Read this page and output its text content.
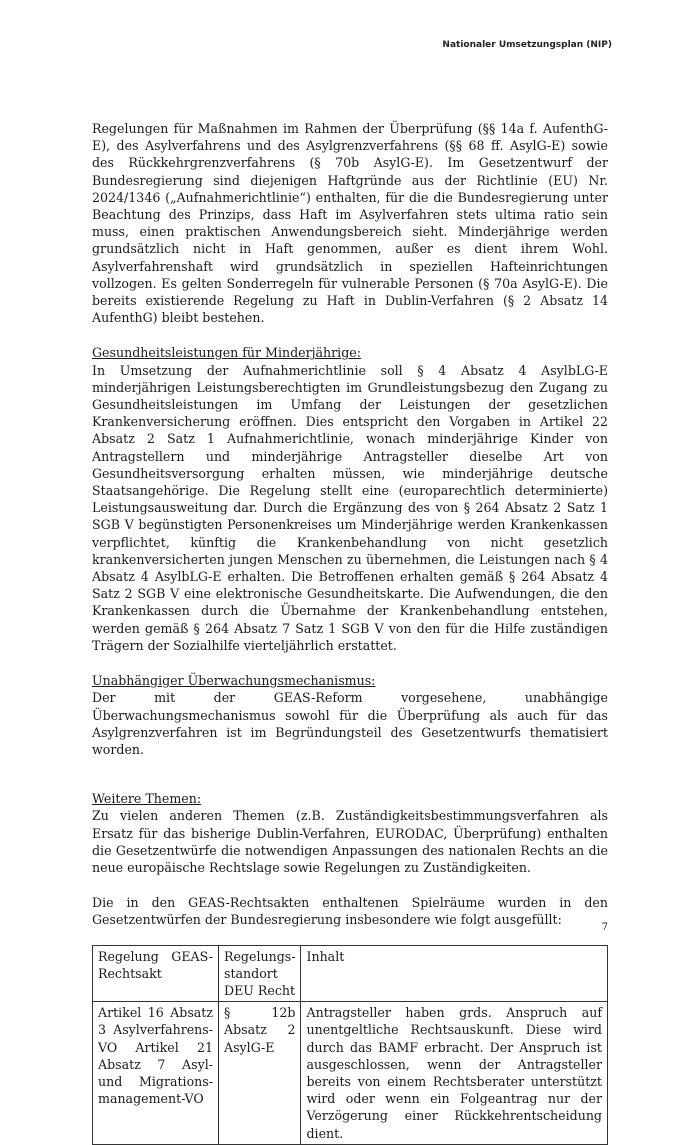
Nationaler Umsetzungsplan (NIP)

Regelungen für Maßnahmen im Rahmen der Überprüfung (§§ 14a f. AufenthG-E), des Asylverfahrens und des Asylgrenzverfahrens (§§ 68 ff. AsylG-E) sowie des Rückkehrgrenzverfahrens (§ 70b AsylG-E). Im Gesetzentwurf der Bundesregierung sind diejenigen Haftgründe aus der Richtlinie (EU) Nr. 2024/1346 („Aufnahmerichtlinie“) enthalten, für die die Bundesregierung unter Beachtung des Prinzips, dass Haft im Asylverfahren stets ultima ratio sein muss, einen praktischen Anwendungsbereich sieht. Minderjährige werden grundsätzlich nicht in Haft genommen, außer es dient ihrem Wohl. Asylverfahrenshaft wird grundsätzlich in speziellen Hafteinrichtungen vollzogen. Es gelten Sonderregeln für vulnerable Personen (§ 70a AsylG-E). Die bereits existierende Regelung zu Haft in Dublin-Verfahren (§ 2 Absatz 14 AufenthG) bleibt bestehen.

Gesundheitsleistungen für Minderjährige:

In Umsetzung der Aufnahmerichtlinie soll § 4 Absatz 4 AsylbLG-E minderjährigen Leistungsberechtigten im Grundleistungsbezug den Zugang zu Gesundheitsleistungen im Umfang der Leistungen der gesetzlichen Krankenversicherung eröffnen. Dies entspricht den Vorgaben in Artikel 22 Absatz 2 Satz 1 Aufnahmerichtlinie, wonach minderjährige Kinder von Antragstellern und minderjährige Antragsteller dieselbe Art von Gesundheitsversorgung erhalten müssen, wie minderjährige deutsche Staatsangehörige. Die Regelung stellt eine (europarechtlich determinierte) Leistungsausweitung dar. Durch die Ergänzung des von § 264 Absatz 2 Satz 1 SGB V begünstigten Personenkreises um Minderjährige werden Krankenkassen verpflichtet, künftig die Krankenbehandlung von nicht gesetzlich krankenversicherten jungen Menschen zu übernehmen, die Leistungen nach § 4 Absatz 4 AsylbLG-E erhalten. Die Betroffenen erhalten gemäß § 264 Absatz 4 Satz 2 SGB V eine elektronische Gesundheitskarte. Die Aufwendungen, die den Krankenkassen durch die Übernahme der Krankenbehandlung entstehen, werden gemäß § 264 Absatz 7 Satz 1 SGB V von den für die Hilfe zuständigen Trägern der Sozialhilfe vierteljährlich erstattet.

Unabhängiger Überwachungsmechanismus:

Der mit der GEAS-Reform vorgesehene, unabhängige Überwachungsmechanismus sowohl für die Überprüfung als auch für das Asylgrenzverfahren ist im Begründungsteil des Gesetzentwurfs thematisiert worden.

Weitere Themen:

Zu vielen anderen Themen (z.B. Zuständigkeitsbestimmungsverfahren als Ersatz für das bisherige Dublin-Verfahren, EURODAC, Überprüfung) enthalten die Gesetzentwürfe die notwendigen Anpassungen des nationalen Rechts an die neue europäische Rechtslage sowie Regelungen zu Zuständigkeiten.

Die in den GEAS-Rechtsakten enthaltenen Spielräume wurden in den Gesetzentwürfen der Bundesregierung insbesondere wie folgt ausgefüllt:

Regelung GEAS-Rechtsakt	Regelungs-standort DEU Recht	Inhalt
Artikel 16 Absatz 3 Asylverfahrens-VO Artikel 21 Absatz 7 Asyl- und Migrations-management-VO	§ 12b Absatz 2 AsylG-E	Antragsteller haben grds. Anspruch auf unentgeltliche Rechtsauskunft. Diese wird durch das BAMF erbracht. Der Anspruch ist ausgeschlossen, wenn der Antragsteller bereits von einem Rechtsberater unterstützt wird oder wenn ein Folgeantrag nur der Verzögerung einer Rückkehrentscheidung dient.
7
